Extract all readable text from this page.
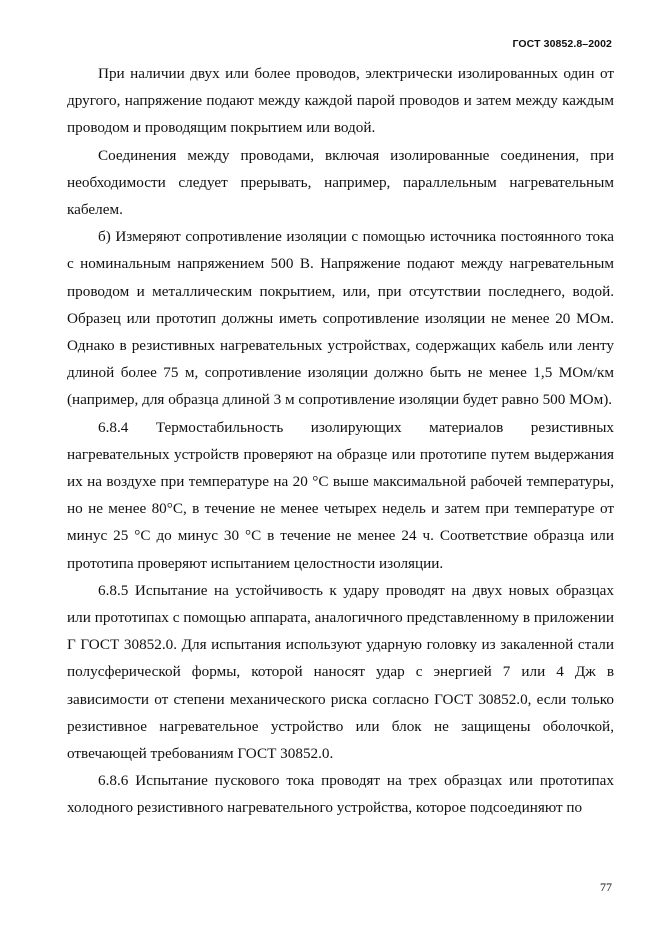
ГОСТ 30852.8–2002

При наличии двух или более проводов, электрически изолированных один от другого, напряжение подают между каждой парой проводов и затем между каждым проводом и проводящим покрытием или водой.

Соединения между проводами, включая изолированные соединения, при необходимости следует прерывать, например, параллельным нагревательным кабелем.

б) Измеряют сопротивление изоляции с помощью источника постоянного тока с номинальным напряжением 500 В. Напряжение подают между нагревательным проводом и металлическим покрытием, или, при отсутствии последнего, водой. Образец или прототип должны иметь сопротивление изоляции не менее 20 МОм. Однако в резистивных нагревательных устройствах, содержащих кабель или ленту длиной более 75 м, сопротивление изоляции должно быть не менее 1,5 МОм/км (например, для образца длиной 3 м сопротивление изоляции будет равно 500 МОм).

6.8.4 Термостабильность изолирующих материалов резистивных нагревательных устройств проверяют на образце или прототипе путем выдержания их на воздухе при температуре на 20 °С выше максимальной рабочей температуры, но не менее 80°С, в течение не менее четырех недель и затем при температуре от минус 25 °С до минус 30 °С в течение не менее 24 ч. Соответствие образца или прототипа проверяют испытанием целостности изоляции.

6.8.5 Испытание на устойчивость к удару проводят на двух новых образцах или прототипах с помощью аппарата, аналогичного представленному в приложении Г ГОСТ 30852.0. Для испытания используют ударную головку из закаленной стали полусферической формы, которой наносят удар с энергией 7 или 4 Дж в зависимости от степени механического риска согласно ГОСТ 30852.0, если только резистивное нагревательное устройство или блок не защищены оболочкой, отвечающей требованиям ГОСТ 30852.0.

6.8.6 Испытание пускового тока проводят на трех образцах или прототипах холодного резистивного нагревательного устройства, которое подсоединяют по

77
